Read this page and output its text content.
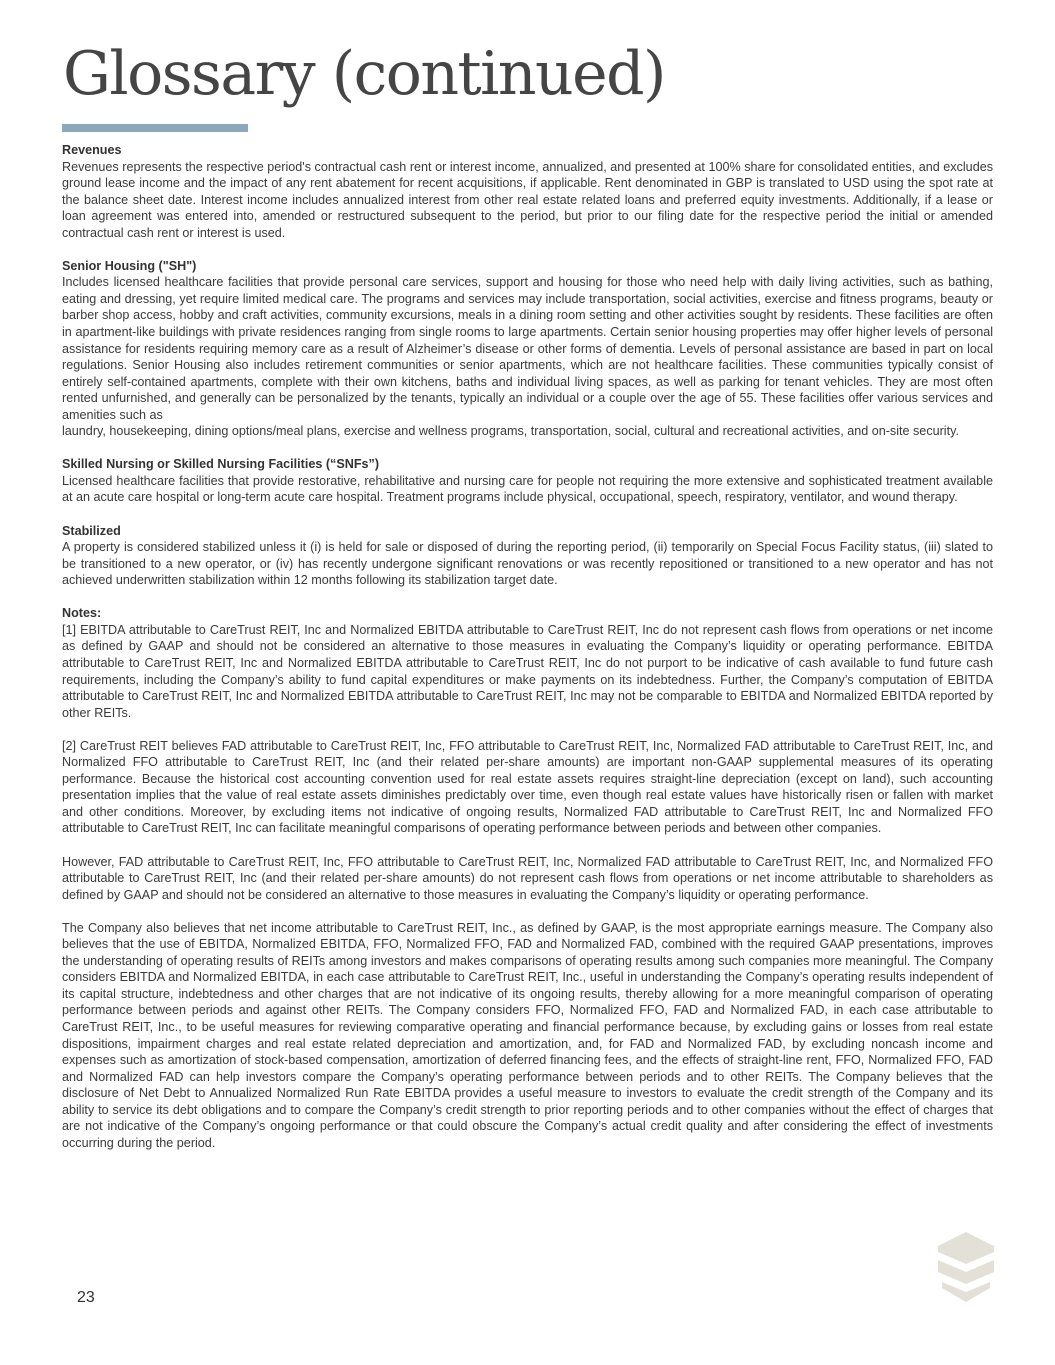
Glossary (continued)
Revenues

Revenues represents the respective period's contractual cash rent or interest income, annualized, and presented at 100% share for consolidated entities, and excludes ground lease income and the impact of any rent abatement for recent acquisitions, if applicable. Rent denominated in GBP is translated to USD using the spot rate at the balance sheet date. Interest income includes annualized interest from other real estate related loans and preferred equity investments. Additionally, if a lease or loan agreement was entered into, amended or restructured subsequent to the period, but prior to our filing date for the respective period the initial or amended contractual cash rent or interest is used.

Senior Housing ("SH")

Includes licensed healthcare facilities that provide personal care services, support and housing for those who need help with daily living activities, such as bathing, eating and dressing, yet require limited medical care. The programs and services may include transportation, social activities, exercise and fitness programs, beauty or barber shop access, hobby and craft activities, community excursions, meals in a dining room setting and other activities sought by residents. These facilities are often in apartment-like buildings with private residences ranging from single rooms to large apartments. Certain senior housing properties may offer higher levels of personal assistance for residents requiring memory care as a result of Alzheimer’s disease or other forms of dementia. Levels of personal assistance are based in part on local regulations. Senior Housing also includes retirement communities or senior apartments, which are not healthcare facilities. These communities typically consist of entirely self-contained apartments, complete with their own kitchens, baths and individual living spaces, as well as parking for tenant vehicles. They are most often rented unfurnished, and generally can be personalized by the tenants, typically an individual or a couple over the age of 55. These facilities offer various services and amenities such as
laundry, housekeeping, dining options/meal plans, exercise and wellness programs, transportation, social, cultural and recreational activities, and on-site security.

Skilled Nursing or Skilled Nursing Facilities (“SNFs”)

Licensed healthcare facilities that provide restorative, rehabilitative and nursing care for people not requiring the more extensive and sophisticated treatment available at an acute care hospital or long-term acute care hospital. Treatment programs include physical, occupational, speech, respiratory, ventilator, and wound therapy.

Stabilized

A property is considered stabilized unless it (i) is held for sale or disposed of during the reporting period, (ii) temporarily on Special Focus Facility status, (iii) slated to be transitioned to a new operator, or (iv) has recently undergone significant renovations or was recently repositioned or transitioned to a new operator and has not achieved underwritten stabilization within 12 months following its stabilization target date.

Notes:

[1] EBITDA attributable to CareTrust REIT, Inc and Normalized EBITDA attributable to CareTrust REIT, Inc do not represent cash flows from operations or net income as defined by GAAP and should not be considered an alternative to those measures in evaluating the Company’s liquidity or operating performance. EBITDA attributable to CareTrust REIT, Inc and Normalized EBITDA attributable to CareTrust REIT, Inc do not purport to be indicative of cash available to fund future cash requirements, including the Company’s ability to fund capital expenditures or make payments on its indebtedness. Further, the Company’s computation of EBITDA attributable to CareTrust REIT, Inc and Normalized EBITDA attributable to CareTrust REIT, Inc may not be comparable to EBITDA and Normalized EBITDA reported by other REITs.

[2] CareTrust REIT believes FAD attributable to CareTrust REIT, Inc, FFO attributable to CareTrust REIT, Inc, Normalized FAD attributable to CareTrust REIT, Inc, and Normalized FFO attributable to CareTrust REIT, Inc (and their related per-share amounts) are important non-GAAP supplemental measures of its operating performance. Because the historical cost accounting convention used for real estate assets requires straight-line depreciation (except on land), such accounting presentation implies that the value of real estate assets diminishes predictably over time, even though real estate values have historically risen or fallen with market and other conditions. Moreover, by excluding items not indicative of ongoing results, Normalized FAD attributable to CareTrust REIT, Inc and Normalized FFO attributable to CareTrust REIT, Inc can facilitate meaningful comparisons of operating performance between periods and between other companies.

However, FAD attributable to CareTrust REIT, Inc, FFO attributable to CareTrust REIT, Inc, Normalized FAD attributable to CareTrust REIT, Inc, and Normalized FFO attributable to CareTrust REIT, Inc (and their related per-share amounts) do not represent cash flows from operations or net income attributable to shareholders as defined by GAAP and should not be considered an alternative to those measures in evaluating the Company’s liquidity or operating performance.

The Company also believes that net income attributable to CareTrust REIT, Inc., as defined by GAAP, is the most appropriate earnings measure. The Company also believes that the use of EBITDA, Normalized EBITDA, FFO, Normalized FFO, FAD and Normalized FAD, combined with the required GAAP presentations, improves the understanding of operating results of REITs among investors and makes comparisons of operating results among such companies more meaningful. The Company considers EBITDA and Normalized EBITDA, in each case attributable to CareTrust REIT, Inc., useful in understanding the Company’s operating results independent of its capital structure, indebtedness and other charges that are not indicative of its ongoing results, thereby allowing for a more meaningful comparison of operating performance between periods and against other REITs. The Company considers FFO, Normalized FFO, FAD and Normalized FAD, in each case attributable to CareTrust REIT, Inc., to be useful measures for reviewing comparative operating and financial performance because, by excluding gains or losses from real estate dispositions, impairment charges and real estate related depreciation and amortization, and, for FAD and Normalized FAD, by excluding noncash income and expenses such as amortization of stock-based compensation, amortization of deferred financing fees, and the effects of straight-line rent, FFO, Normalized FFO, FAD and Normalized FAD can help investors compare the Company’s operating performance between periods and to other REITs. The Company believes that the disclosure of Net Debt to Annualized Normalized Run Rate EBITDA provides a useful measure to investors to evaluate the credit strength of the Company and its ability to service its debt obligations and to compare the Company’s credit strength to prior reporting periods and to other companies without the effect of charges that are not indicative of the Company’s ongoing performance or that could obscure the Company’s actual credit quality and after considering the effect of investments occurring during the period.

23
